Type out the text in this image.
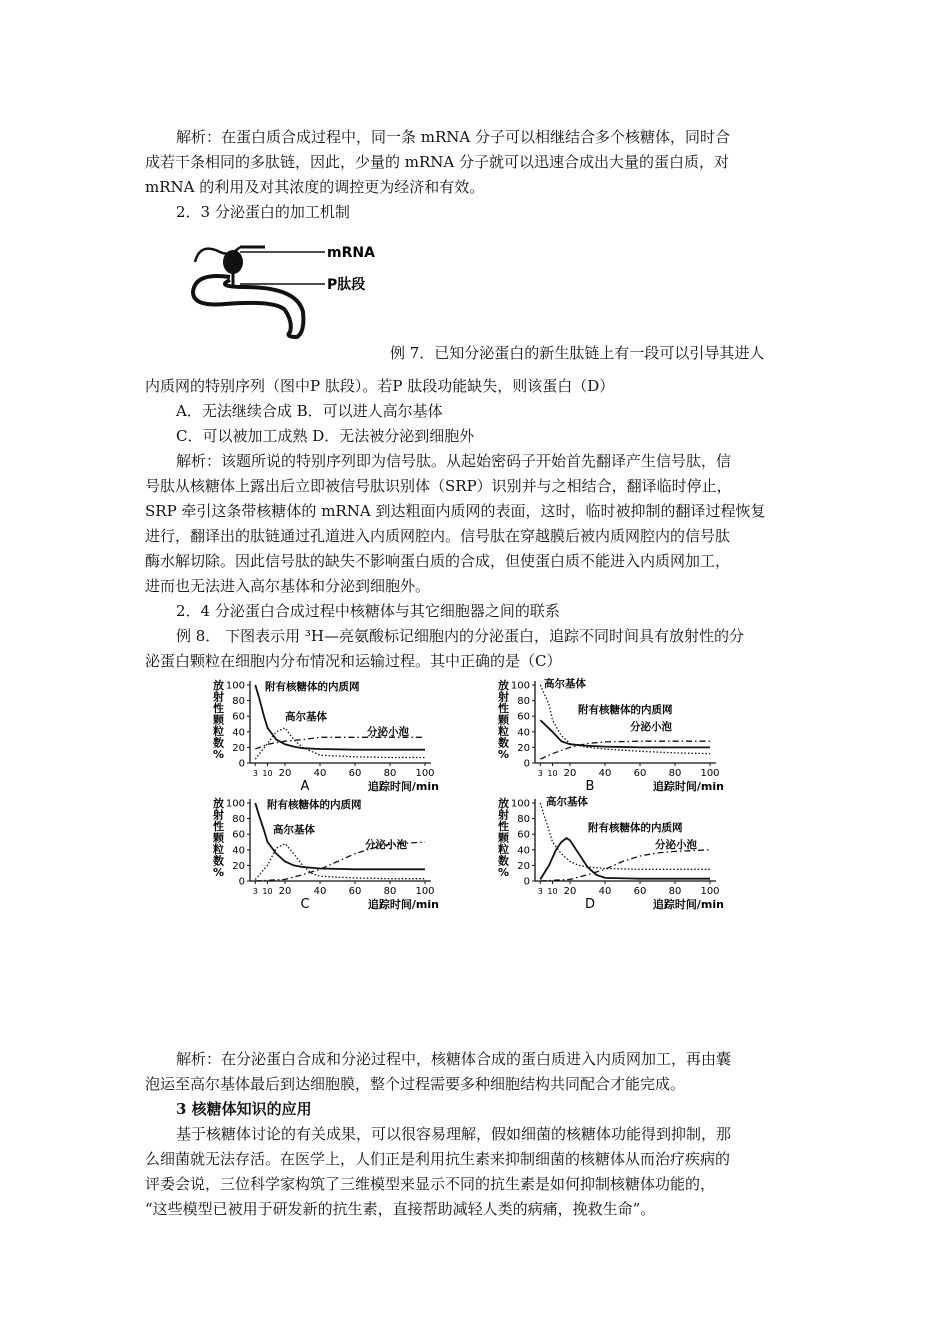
解析：在蛋白质合成过程中，同一条 mRNA 分子可以相继结合多个核糖体，同时合
成若干条相同的多肽链，因此，少量的 mRNA 分子就可以迅速合成出大量的蛋白质，对
mRNA 的利用及对其浓度的调控更为经济和有效。
2．3 分泌蛋白的加工机制
mRNA
P肽段
例 7．已知分泌蛋白的新生肽链上有一段可以引导其进人
内质网的特别序列（图中P 肽段）。若P 肽段功能缺失，则该蛋白（D）
A．无法继续合成 B．可以进人高尔基体
C．可以被加工成熟 D．无法被分泌到细胞外
解析：该题所说的特别序列即为信号肽。从起始密码子开始首先翻译产生信号肽，信
号肽从核糖体上露出后立即被信号肽识别体（SRP）识别并与之相结合，翻译临时停止，
SRP 牵引这条带核糖体的 mRNA 到达粗面内质网的表面，这时，临时被抑制的翻译过程恢复
进行，翻译出的肽链通过孔道进入内质网腔内。信号肽在穿越膜后被内质网腔内的信号肽
酶水解切除。因此信号肽的缺失不影响蛋白质的合成，但使蛋白质不能进入内质网加工，
进而也无法进入高尔基体和分泌到细胞外。
2．4 分泌蛋白合成过程中核糖体与其它细胞器之间的联系
例 8． 下图表示用 ³H—亮氨酸标记细胞内的分泌蛋白，追踪不同时间具有放射性的分
泌蛋白颗粒在细胞内分布情况和运输过程。其中正确的是（C）
放射性颗粒数%
0
20
40
60
80
100
3 10 20 40 60 80 100
A	追踪时间/min
附有核糖体的内质网
高尔基体
分泌小泡
放射性颗粒数%
0
20
40
60
80
100
3 10 20 40 60 80 100
B	追踪时间/min
高尔基体
附有核糖体的内质网
分泌小泡
放射性颗粒数%
0
20
40
60
80
100
3 10 20 40 60 80 100
C	追踪时间/min
附有核糖体的内质网
高尔基体
分泌小泡
放射性颗粒数%
0
20
40
60
80
100
3 10 20 40 60 80 100
D	追踪时间/min
高尔基体
附有核糖体的内质网
分泌小泡
解析：在分泌蛋白合成和分泌过程中，核糖体合成的蛋白质进入内质网加工，再由囊
泡运至高尔基体最后到达细胞膜，整个过程需要多种细胞结构共同配合才能完成。
3 核糖体知识的应用
基于核糖体讨论的有关成果，可以很容易理解，假如细菌的核糖体功能得到抑制，那
么细菌就无法存活。在医学上，人们正是利用抗生素来抑制细菌的核糖体从而治疗疾病的
评委会说，三位科学家构筑了三维模型来显示不同的抗生素是如何抑制核糖体功能的，
“这些模型已被用于研发新的抗生素，直接帮助减轻人类的病痛，挽救生命”。
